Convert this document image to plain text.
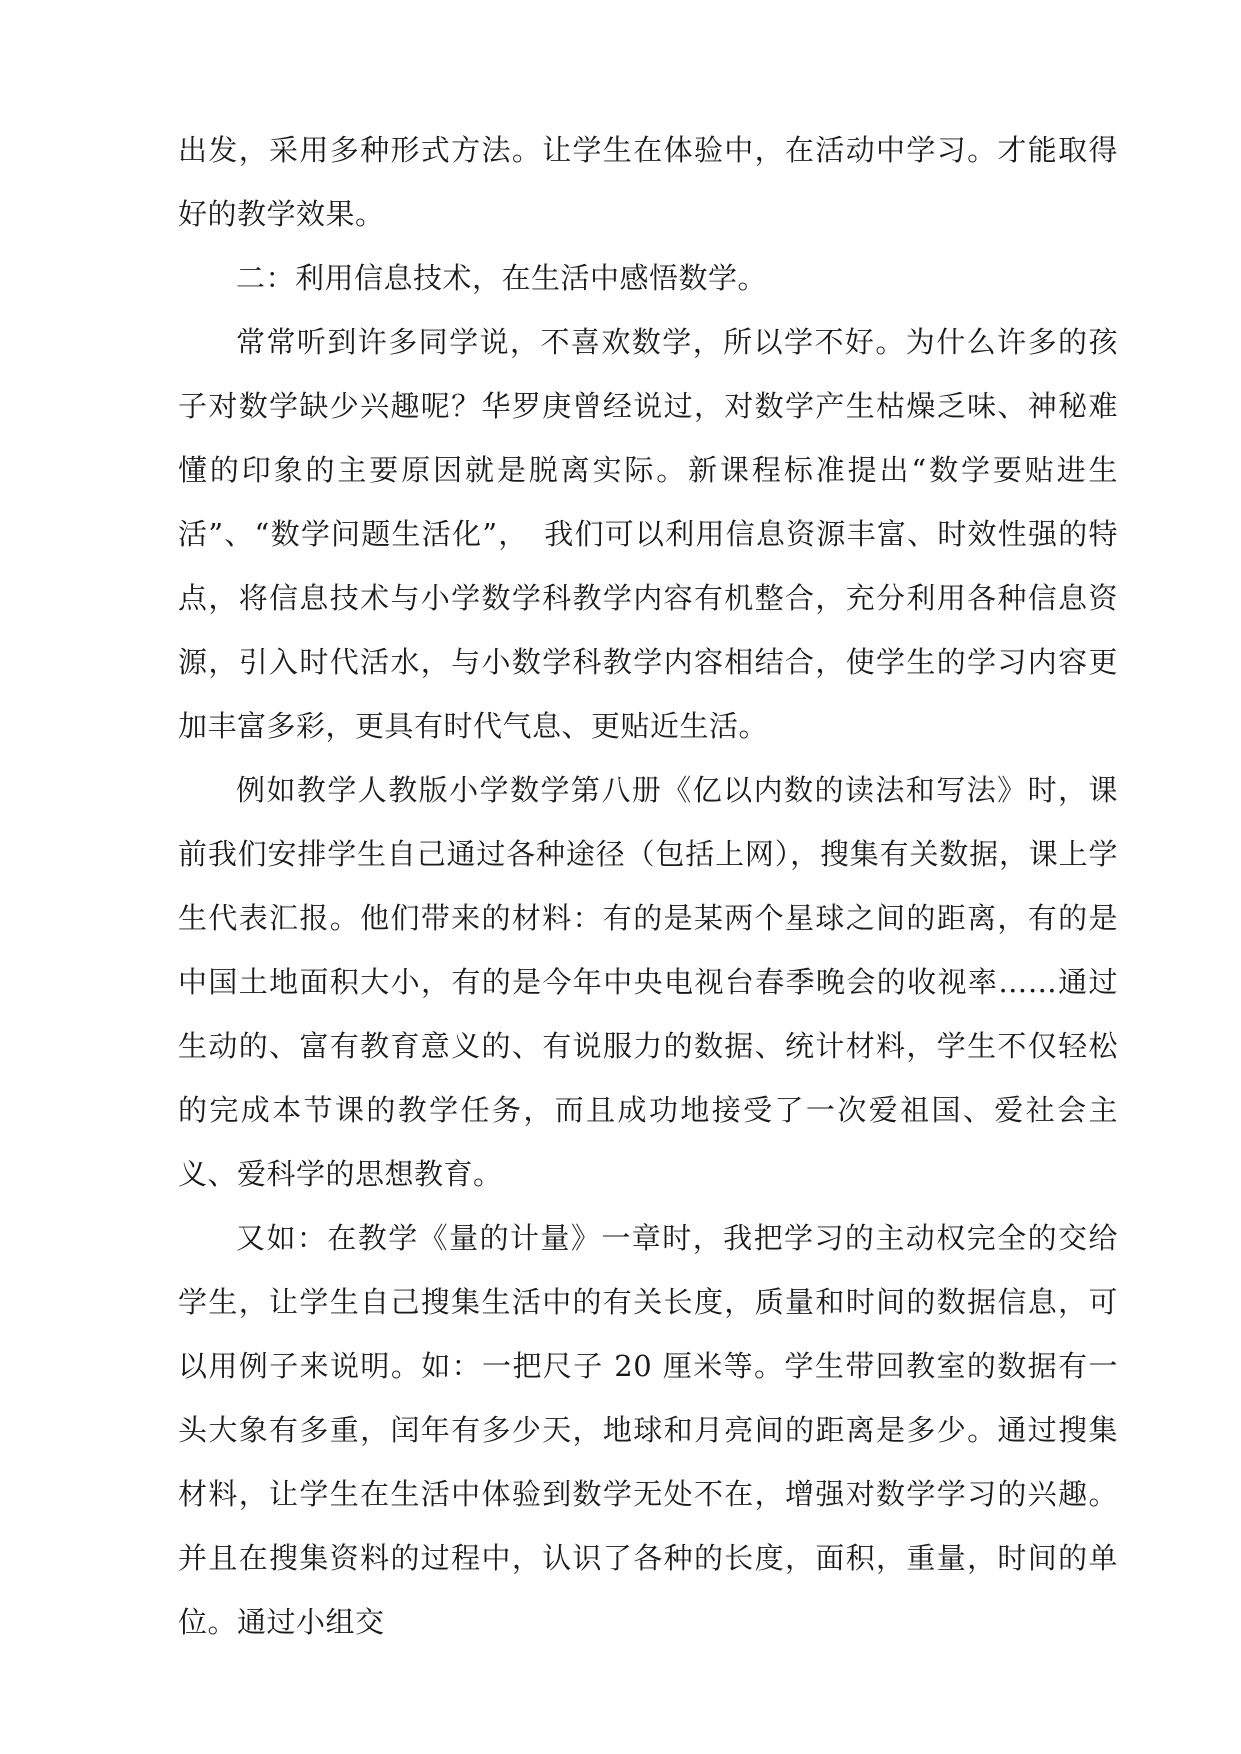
出发，采用多种形式方法。让学生在体验中，在活动中学习。才能取得好的教学效果。

二：利用信息技术，在生活中感悟数学。

常常听到许多同学说，不喜欢数学，所以学不好。为什么许多的孩子对数学缺少兴趣呢？华罗庚曾经说过，对数学产生枯燥乏味、神秘难懂的印象的主要原因就是脱离实际。新课程标准提出“数学要贴进生活”、“数学问题生活化”，　我们可以利用信息资源丰富、时效性强的特点，将信息技术与小学数学科教学内容有机整合，充分利用各种信息资源，引入时代活水，与小数学科教学内容相结合，使学生的学习内容更加丰富多彩，更具有时代气息、更贴近生活。

例如教学人教版小学数学第八册《亿以内数的读法和写法》时，课前我们安排学生自己通过各种途径（包括上网），搜集有关数据，课上学生代表汇报。他们带来的材料：有的是某两个星球之间的距离，有的是中国土地面积大小，有的是今年中央电视台春季晚会的收视率……通过生动的、富有教育意义的、有说服力的数据、统计材料，学生不仅轻松的完成本节课的教学任务，而且成功地接受了一次爱祖国、爱社会主义、爱科学的思想教育。

又如：在教学《量的计量》一章时，我把学习的主动权完全的交给学生，让学生自己搜集生活中的有关长度，质量和时间的数据信息，可以用例子来说明。如：一把尺子 20 厘米等。学生带回教室的数据有一头大象有多重，闰年有多少天，地球和月亮间的距离是多少。通过搜集材料，让学生在生活中体验到数学无处不在，增强对数学学习的兴趣。并且在搜集资料的过程中，认识了各种的长度，面积，重量，时间的单位。通过小组交
